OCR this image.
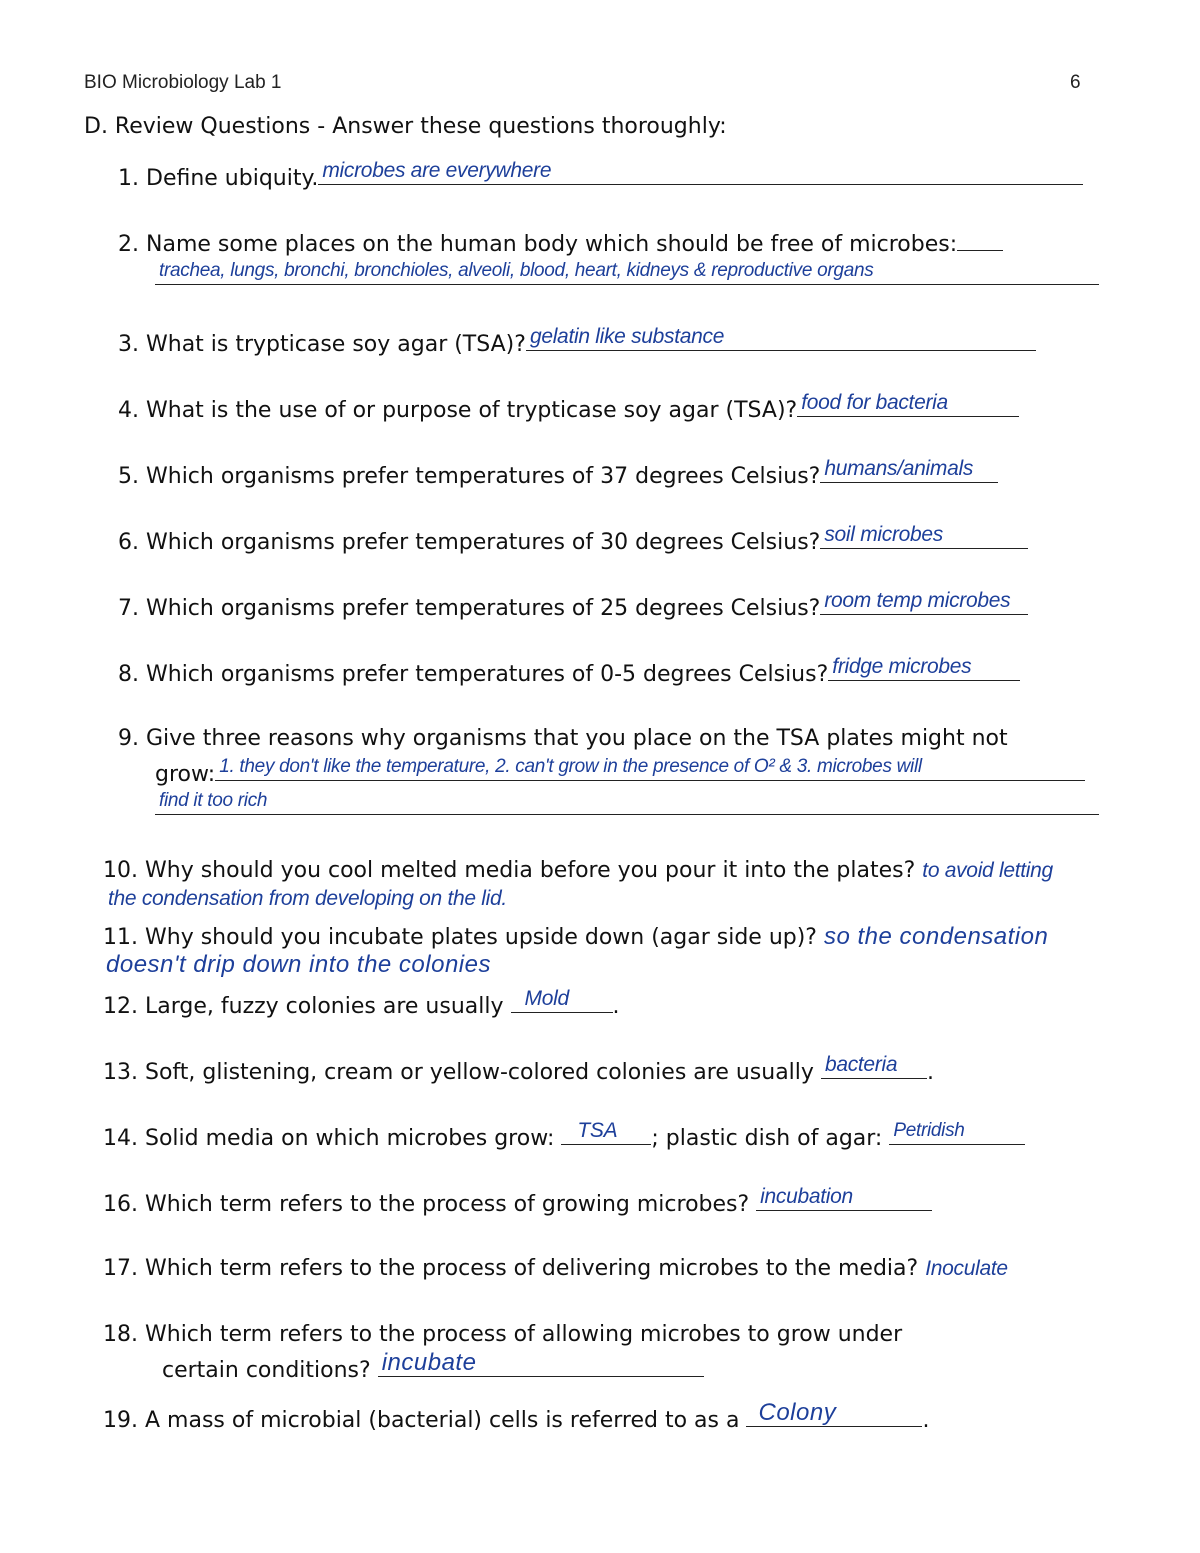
BIO Microbiology Lab 1	6
D. Review Questions - Answer these questions thoroughly:
1. Define ubiquity. microbes are everywhere
2. Name some places on the human body which should be free of microbes:
trachea, lungs, bronchi, bronchioles, alveoli, blood, heart, kidneys & reproductive organs
3. What is trypticase soy agar (TSA)? gelatin like substance
4. What is the use of or purpose of trypticase soy agar (TSA)? food for bacteria
5. Which organisms prefer temperatures of 37 degrees Celsius? humans/animals
6. Which organisms prefer temperatures of 30 degrees Celsius? soil microbes
7. Which organisms prefer temperatures of 25 degrees Celsius? room temp microbes
8. Which organisms prefer temperatures of 0-5 degrees Celsius? fridge microbes
9. Give three reasons why organisms that you place on the TSA plates might not
grow: 1. they don't like the temperature, 2. can't grow in the presence of O² & 3. microbes will
find it too rich
10. Why should you cool melted media before you pour it into the plates? to avoid letting
the condensation from developing on the lid.
11. Why should you incubate plates upside down (agar side up)? so the condensation
doesn't drip down into the colonies
12. Large, fuzzy colonies are usually Mold .
13. Soft, glistening, cream or yellow-colored colonies are usually bacteria .
14. Solid media on which microbes grow: TSA ; plastic dish of agar: Petridish
16. Which term refers to the process of growing microbes? incubation
17. Which term refers to the process of delivering microbes to the media? Inoculate
18. Which term refers to the process of allowing microbes to grow under
certain conditions? incubate
19. A mass of microbial (bacterial) cells is referred to as a Colony	.
